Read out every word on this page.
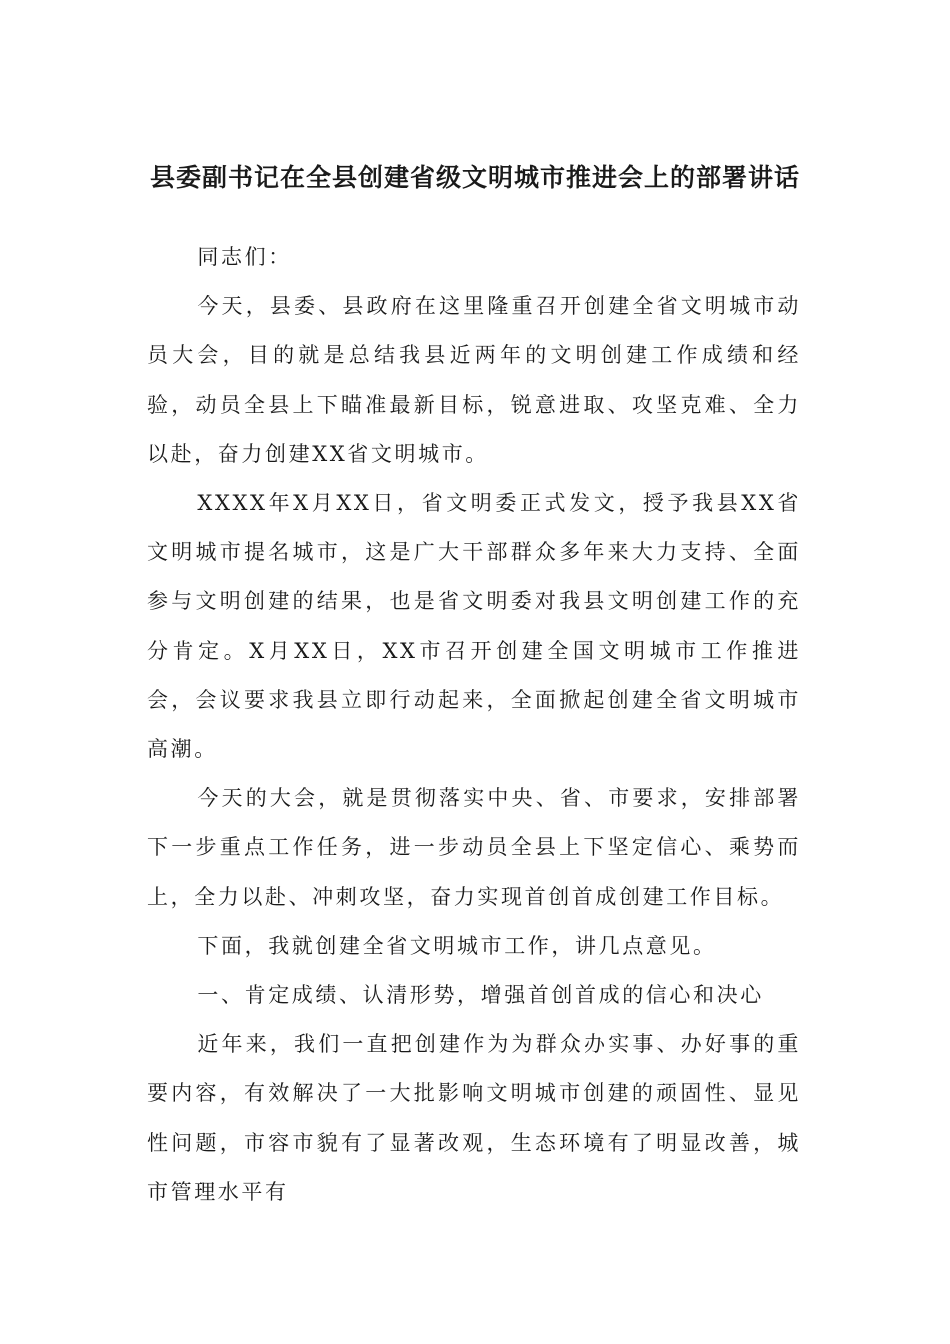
县委副书记在全县创建省级文明城市推进会上的部署讲话

同志们：

今天，县委、县政府在这里隆重召开创建全省文明城市动员大会，目的就是总结我县近两年的文明创建工作成绩和经验，动员全县上下瞄准最新目标，锐意进取、攻坚克难、全力以赴，奋力创建XX省文明城市。

XXXX年X月XX日，省文明委正式发文，授予我县XX省文明城市提名城市，这是广大干部群众多年来大力支持、全面参与文明创建的结果，也是省文明委对我县文明创建工作的充分肯定。X月XX日，XX市召开创建全国文明城市工作推进会，会议要求我县立即行动起来，全面掀起创建全省文明城市高潮。

今天的大会，就是贯彻落实中央、省、市要求，安排部署下一步重点工作任务，进一步动员全县上下坚定信心、乘势而上，全力以赴、冲刺攻坚，奋力实现首创首成创建工作目标。

下面，我就创建全省文明城市工作，讲几点意见。

一、肯定成绩、认清形势，增强首创首成的信心和决心

近年来，我们一直把创建作为为群众办实事、办好事的重要内容，有效解决了一大批影响文明城市创建的顽固性、显见性问题，市容市貌有了显著改观，生态环境有了明显改善，城市管理水平有
